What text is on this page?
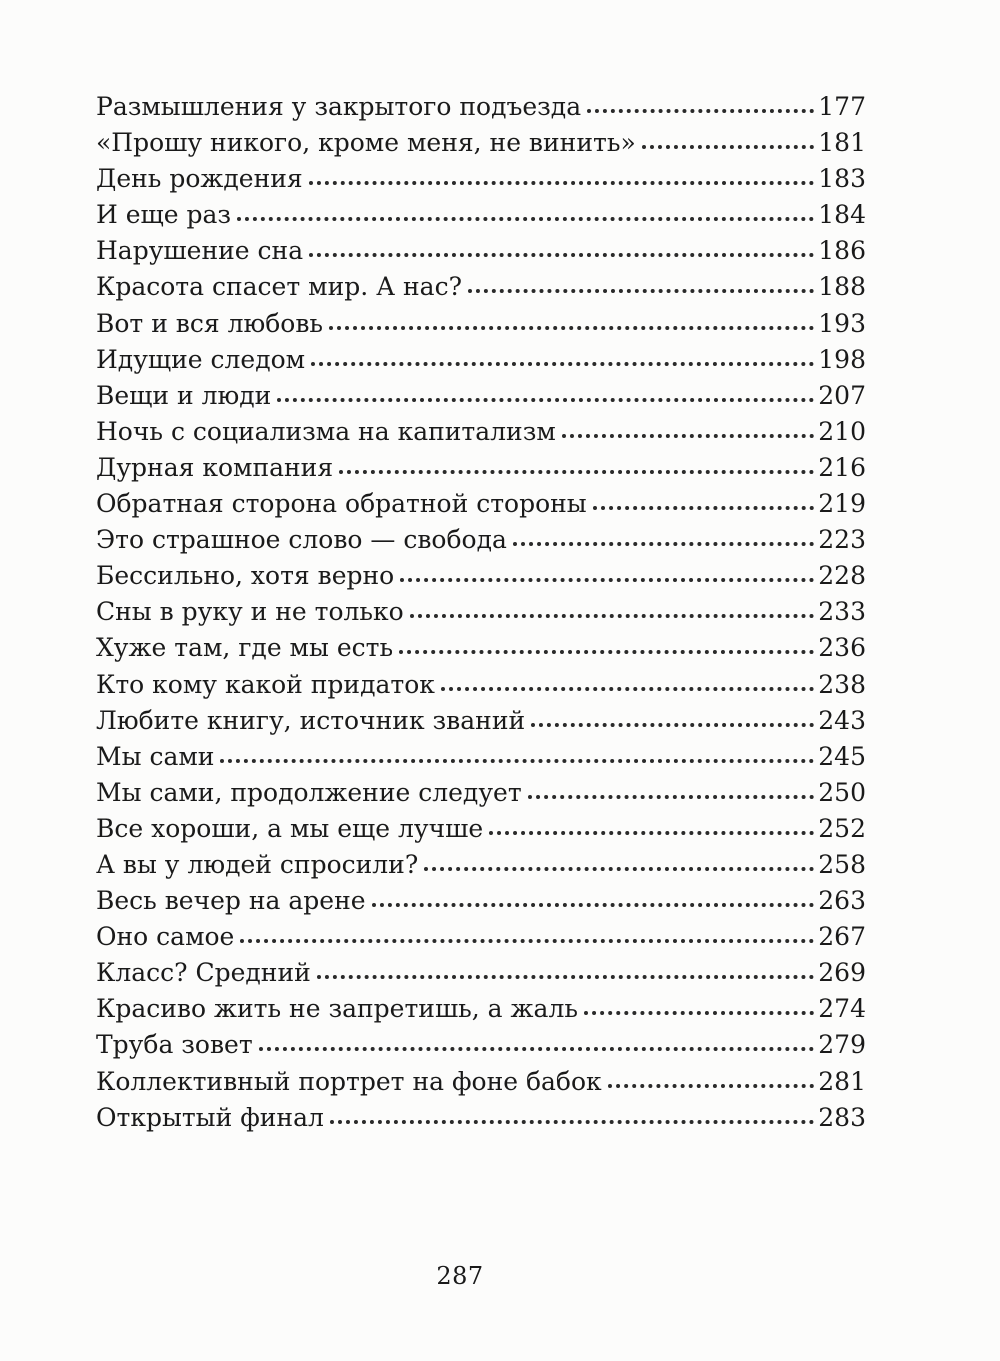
Размышления у закрытого подъезда	177
«Прошу никого, кроме меня, не винить»	181
День рождения	183
И еще раз	184
Нарушение сна	186
Красота спасет мир. А нас?	188
Вот и вся любовь	193
Идущие следом	198
Вещи и люди	207
Ночь с социализма на капитализм	210
Дурная компания	216
Обратная сторона обратной стороны	219
Это страшное слово — свобода	223
Бессильно, хотя верно	228
Сны в руку и не только	233
Хуже там, где мы есть	236
Кто кому какой придаток	238
Любите книгу, источник званий	243
Мы сами	245
Мы сами, продолжение следует	250
Все хороши, а мы еще лучше	252
А вы у людей спросили?	258
Весь вечер на арене	263
Оно самое	267
Класс? Средний	269
Красиво жить не запретишь, а жаль	274
Труба зовет	279
Коллективный портрет на фоне бабок	281
Открытый финал	283
287
